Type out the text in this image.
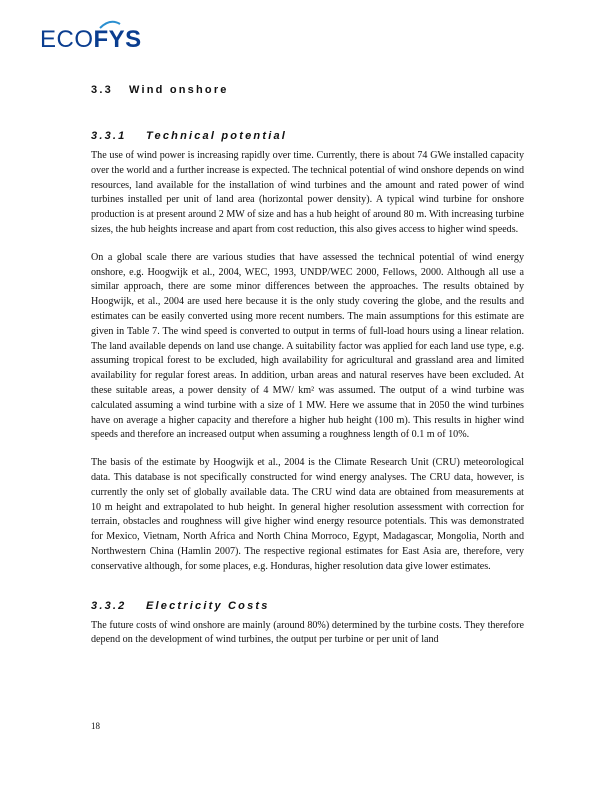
ECO FYS
3.3	Wind onshore
3.3.1	Technical potential

The use of wind power is increasing rapidly over time. Currently, there is about 74 GWe installed capacity over the world and a further increase is expected. The technical potential of wind onshore depends on wind resources, land available for the installation of wind turbines and the amount and rated power of wind turbines installed per unit of land area (horizontal power density). A typical wind turbine for onshore production is at present around 2 MW of size and has a hub height of around 80 m. With increasing turbine sizes, the hub heights increase and apart from cost reduction, this also gives access to higher wind speeds.

On a global scale there are various studies that have assessed the technical potential of wind energy onshore, e.g. Hoogwijk et al., 2004, WEC, 1993, UNDP/WEC 2000, Fellows, 2000. Although all use a similar approach, there are some minor differences between the approaches. The results obtained by Hoogwijk, et al., 2004 are used here because it is the only study covering the globe, and the results and estimates can be easily converted using more recent numbers. The main assumptions for this estimate are given in Table 7. The wind speed is converted to output in terms of full-load hours using a linear relation. The land available depends on land use change. A suitability factor was applied for each land use type, e.g. assuming tropical forest to be excluded, high availability for agricultural and grassland area and limited availability for regular forest areas. In addition, urban areas and natural reserves have been excluded. At these suitable areas, a power density of 4 MW/ km² was assumed. The output of a wind turbine was calculated assuming a wind turbine with a size of 1 MW. Here we assume that in 2050 the wind turbines have on average a higher capacity and therefore a higher hub height (100 m). This results in higher wind speeds and therefore an increased output when assuming a roughness length of 0.1 m of 10%.

The basis of the estimate by Hoogwijk et al., 2004 is the Climate Research Unit (CRU) meteorological data. This database is not specifically constructed for wind energy analyses. The CRU data, however, is currently the only set of globally available data. The CRU wind data are obtained from measurements at 10 m height and extrapolated to hub height. In general higher resolution assessment with correction for terrain, obstacles and roughness will give higher wind energy resource potentials. This was demonstrated for Mexico, Vietnam, North Africa and North China Morroco, Egypt, Madagascar, Mongolia, North and Northwestern China (Hamlin 2007). The respective regional estimates for East Asia are, therefore, very conservative although, for some places, e.g. Honduras, higher resolution data give lower estimates.

3.3.2	Electricity Costs

The future costs of wind onshore are mainly (around 80%) determined by the turbine costs. They therefore depend on the development of wind turbines, the output per turbine or per unit of land

18
